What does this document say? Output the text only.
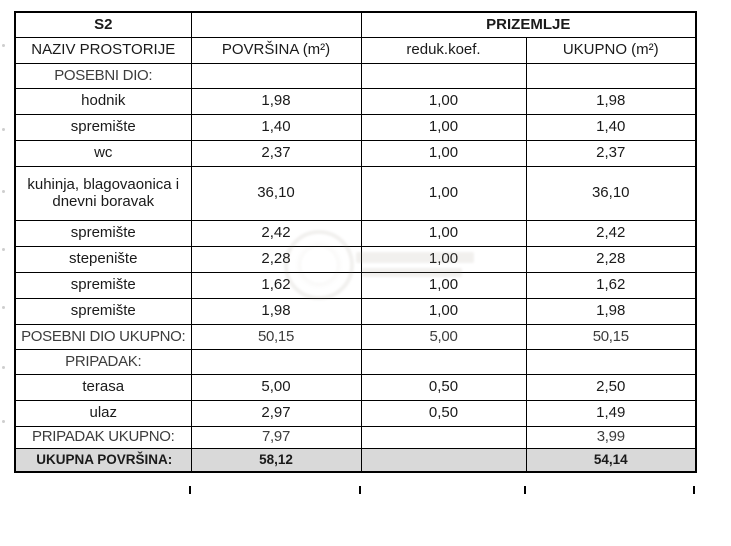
S2		PRIZEMLJE	
NAZIV PROSTORIJE	POVRŠINA (m²)	reduk.koef.	UKUPNO (m²)
POSEBNI DIO:			
hodnik	1,98	1,00	1,98
spremište	1,40	1,00	1,40
wc	2,37	1,00	2,37
kuhinja, blagovaonica i dnevni boravak	36,10	1,00	36,10
spremište	2,42	1,00	2,42
stepenište	2,28	1,00	2,28
spremište	1,62	1,00	1,62
spremište	1,98	1,00	1,98
POSEBNI DIO UKUPNO:	50,15	5,00	50,15
PRIPADAK:			
terasa	5,00	0,50	2,50
ulaz	2,97	0,50	1,49
PRIPADAK UKUPNO:	7,97		3,99
UKUPNA POVRŠINA:	58,12		54,14
